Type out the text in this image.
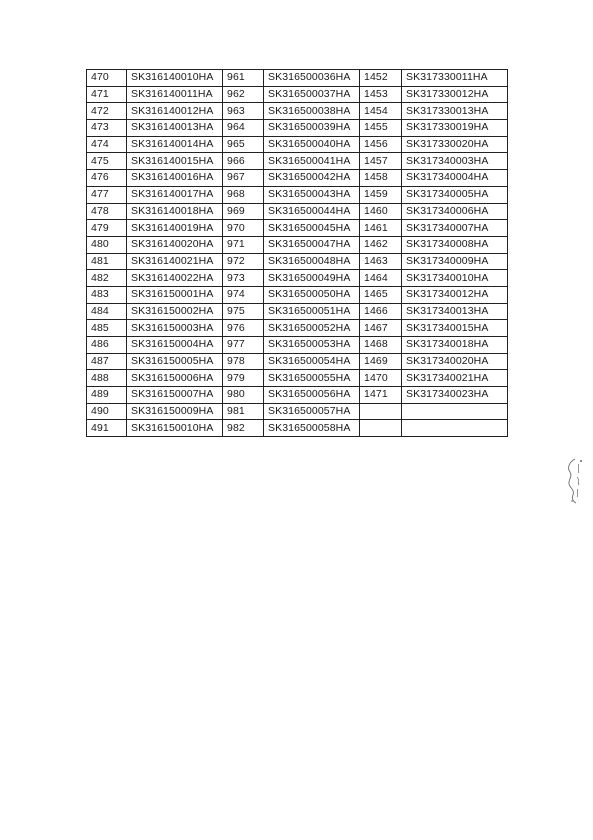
470	SK316140010HA	961	SK316500036HA	1452	SK317330011HA
471	SK316140011HA	962	SK316500037HA	1453	SK317330012HA
472	SK316140012HA	963	SK316500038HA	1454	SK317330013HA
473	SK316140013HA	964	SK316500039HA	1455	SK317330019HA
474	SK316140014HA	965	SK316500040HA	1456	SK317330020HA
475	SK316140015HA	966	SK316500041HA	1457	SK317340003HA
476	SK316140016HA	967	SK316500042HA	1458	SK317340004HA
477	SK316140017HA	968	SK316500043HA	1459	SK317340005HA
478	SK316140018HA	969	SK316500044HA	1460	SK317340006HA
479	SK316140019HA	970	SK316500045HA	1461	SK317340007HA
480	SK316140020HA	971	SK316500047HA	1462	SK317340008HA
481	SK316140021HA	972	SK316500048HA	1463	SK317340009HA
482	SK316140022HA	973	SK316500049HA	1464	SK317340010HA
483	SK316150001HA	974	SK316500050HA	1465	SK317340012HA
484	SK316150002HA	975	SK316500051HA	1466	SK317340013HA
485	SK316150003HA	976	SK316500052HA	1467	SK317340015HA
486	SK316150004HA	977	SK316500053HA	1468	SK317340018HA
487	SK316150005HA	978	SK316500054HA	1469	SK317340020HA
488	SK316150006HA	979	SK316500055HA	1470	SK317340021HA
489	SK316150007HA	980	SK316500056HA	1471	SK317340023HA
490	SK316150009HA	981	SK316500057HA		
491	SK316150010HA	982	SK316500058HA		
